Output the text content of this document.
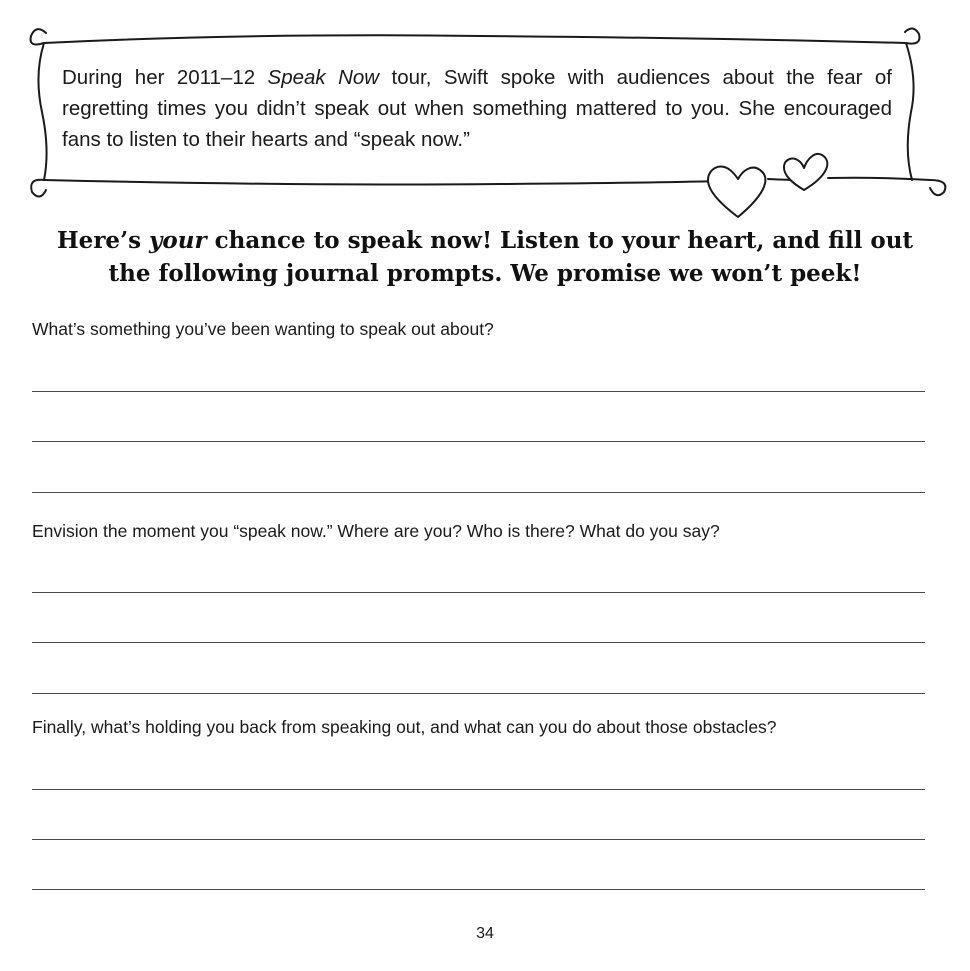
During her 2011–12 Speak Now tour, Swift spoke with audiences about the fear of regretting times you didn’t speak out when something mattered to you. She encouraged fans to listen to their hearts and “speak now.”

Here’s your chance to speak now! Listen to your heart, and fill out the following journal prompts. We promise we won’t peek!

What’s something you’ve been wanting to speak out about?

Envision the moment you “speak now.” Where are you? Who is there? What do you say?

Finally, what’s holding you back from speaking out, and what can you do about those obstacles?

34
